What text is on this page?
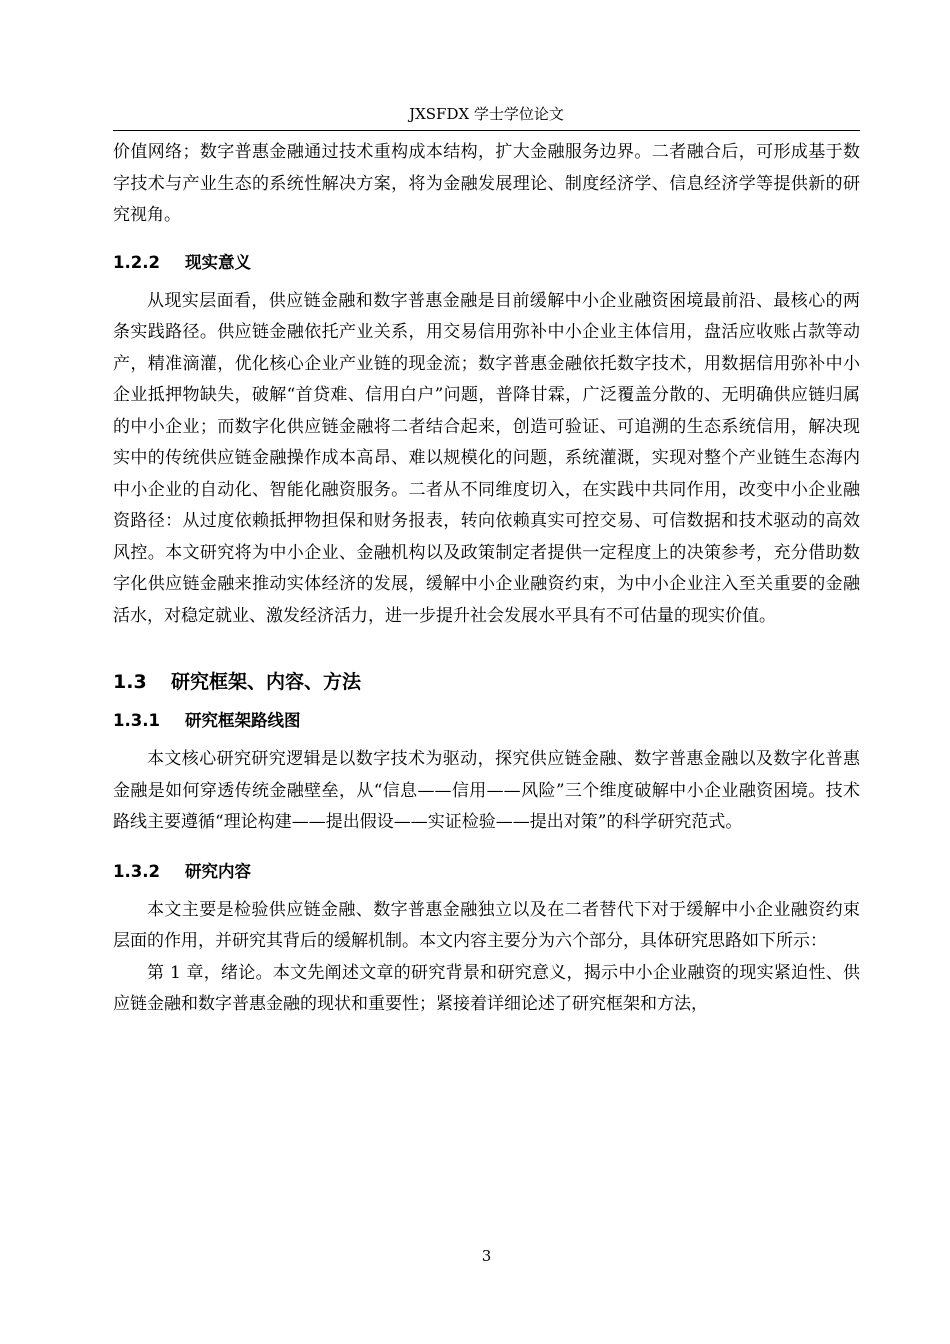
JXSFDX 学士学位论文

价值网络；数字普惠金融通过技术重构成本结构，扩大金融服务边界。二者融合后，可形成基于数字技术与产业生态的系统性解决方案，将为金融发展理论、制度经济学、信息经济学等提供新的研究视角。

1.2.2 现实意义

从现实层面看，供应链金融和数字普惠金融是目前缓解中小企业融资困境最前沿、最核心的两条实践路径。供应链金融依托产业关系，用交易信用弥补中小企业主体信用，盘活应收账占款等动产，精准滴灌，优化核心企业产业链的现金流；数字普惠金融依托数字技术，用数据信用弥补中小企业抵押物缺失，破解“首贷难、信用白户”问题，普降甘霖，广泛覆盖分散的、无明确供应链归属的中小企业；而数字化供应链金融将二者结合起来，创造可验证、可追溯的生态系统信用，解决现实中的传统供应链金融操作成本高昂、难以规模化的问题，系统灌溉，实现对整个产业链生态海内中小企业的自动化、智能化融资服务。二者从不同维度切入，在实践中共同作用，改变中小企业融资路径：从过度依赖抵押物担保和财务报表，转向依赖真实可控交易、可信数据和技术驱动的高效风控。本文研究将为中小企业、金融机构以及政策制定者提供一定程度上的决策参考，充分借助数字化供应链金融来推动实体经济的发展，缓解中小企业融资约束，为中小企业注入至关重要的金融活水，对稳定就业、激发经济活力，进一步提升社会发展水平具有不可估量的现实价值。

1.3 研究框架、内容、方法
1.3.1 研究框架路线图

本文核心研究研究逻辑是以数字技术为驱动，探究供应链金融、数字普惠金融以及数字化普惠金融是如何穿透传统金融壁垒，从“信息——信用——风险”三个维度破解中小企业融资困境。技术路线主要遵循“理论构建——提出假设——实证检验——提出对策”的科学研究范式。

1.3.2 研究内容

本文主要是检验供应链金融、数字普惠金融独立以及在二者替代下对于缓解中小企业融资约束层面的作用，并研究其背后的缓解机制。本文内容主要分为六个部分，具体研究思路如下所示：

第 1 章，绪论。本文先阐述文章的研究背景和研究意义，揭示中小企业融资的现实紧迫性、供应链金融和数字普惠金融的现状和重要性；紧接着详细论述了研究框架和方法，

3
